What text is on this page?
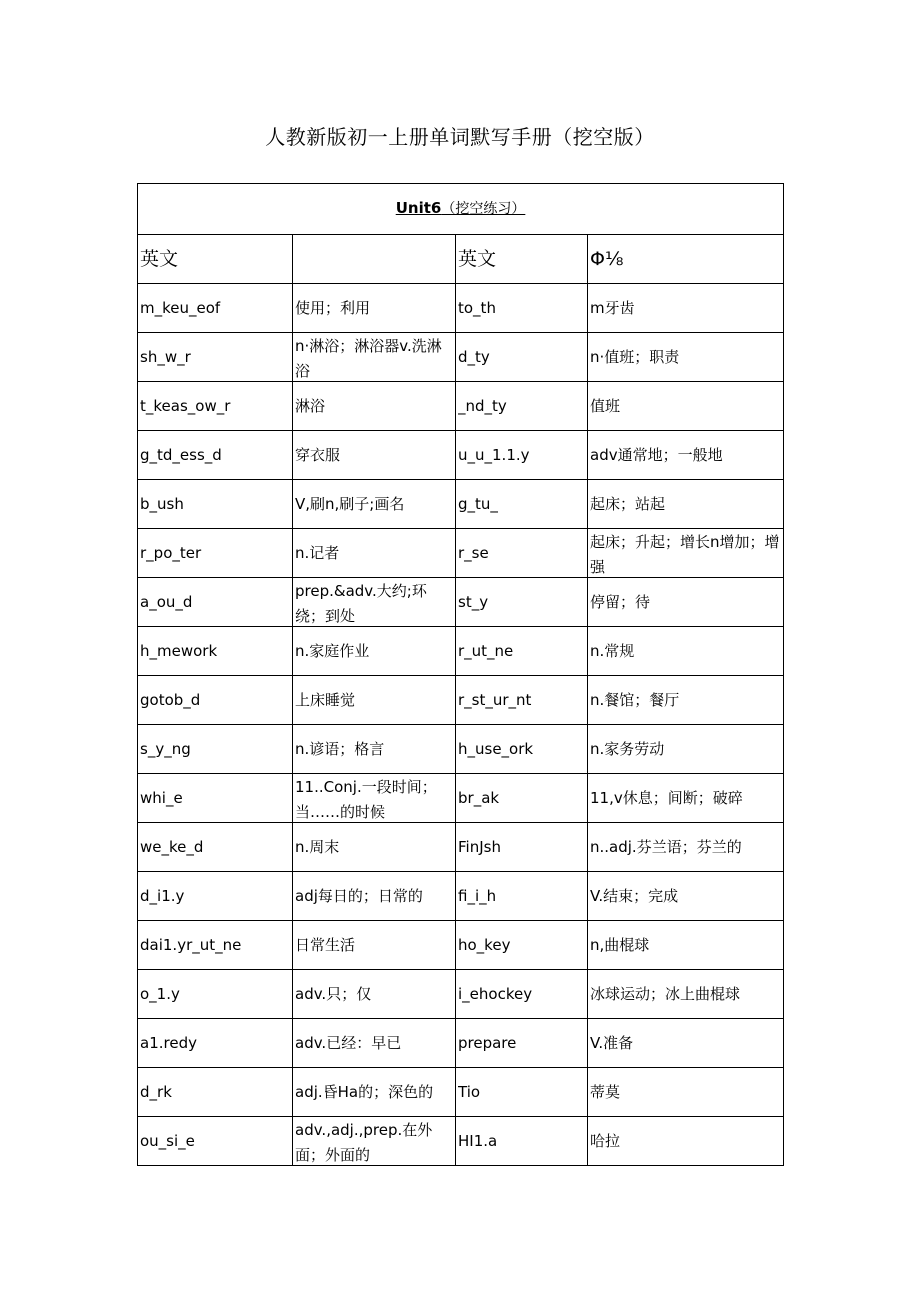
人教新版初一上册单词默写手册（挖空版）
Unit6（挖空练习）			
英文		英文	Φ⅛

m_keu_eof	使用；利用	to_th	m牙齿

sh_w_r	n·淋浴；淋浴器v.洗淋浴	d_ty	n·值班；职责

t_keas_ow_r	淋浴	_nd_ty	值班

g_td_ess_d	穿衣服	u_u_1.1.y	adv通常地；一般地

b_ush	V,刷n,刷子;画名	g_tu_	起床；站起

r_po_ter	n.记者	r_se	起床；升起；增长n增加；增强

a_ou_d	prep.&adv.大约;环绕；到处	st_y	停留；待

h_mework	n.家庭作业	r_ut_ne	n.常规

gotob_d	上床睡觉	r_st_ur_nt	n.餐馆；餐厅

s_y_ng	n.谚语；格言	h_use_ork	n.家务劳动

whi_e	11..Conj.一段时间；当……的时候	br_ak	11,v休息；间断；破碎

we_ke_d	n.周末	FinJsh	n..adj.芬兰语；芬兰的

d_i1.y	adj每日的；日常的	fi_i_h	V.结束；完成

dai1.yr_ut_ne	日常生活	ho_key	n,曲棍球

o_1.y	adv.只；仅	i_ehockey	冰球运动；冰上曲棍球

a1.redy	adv.已经：早已	prepare	V.准备

d_rk	adj.昏Ha的；深色的	Tio	蒂莫

ou_si_e	adv.,adj.,prep.在外面；外面的	HI1.a	哈拉
